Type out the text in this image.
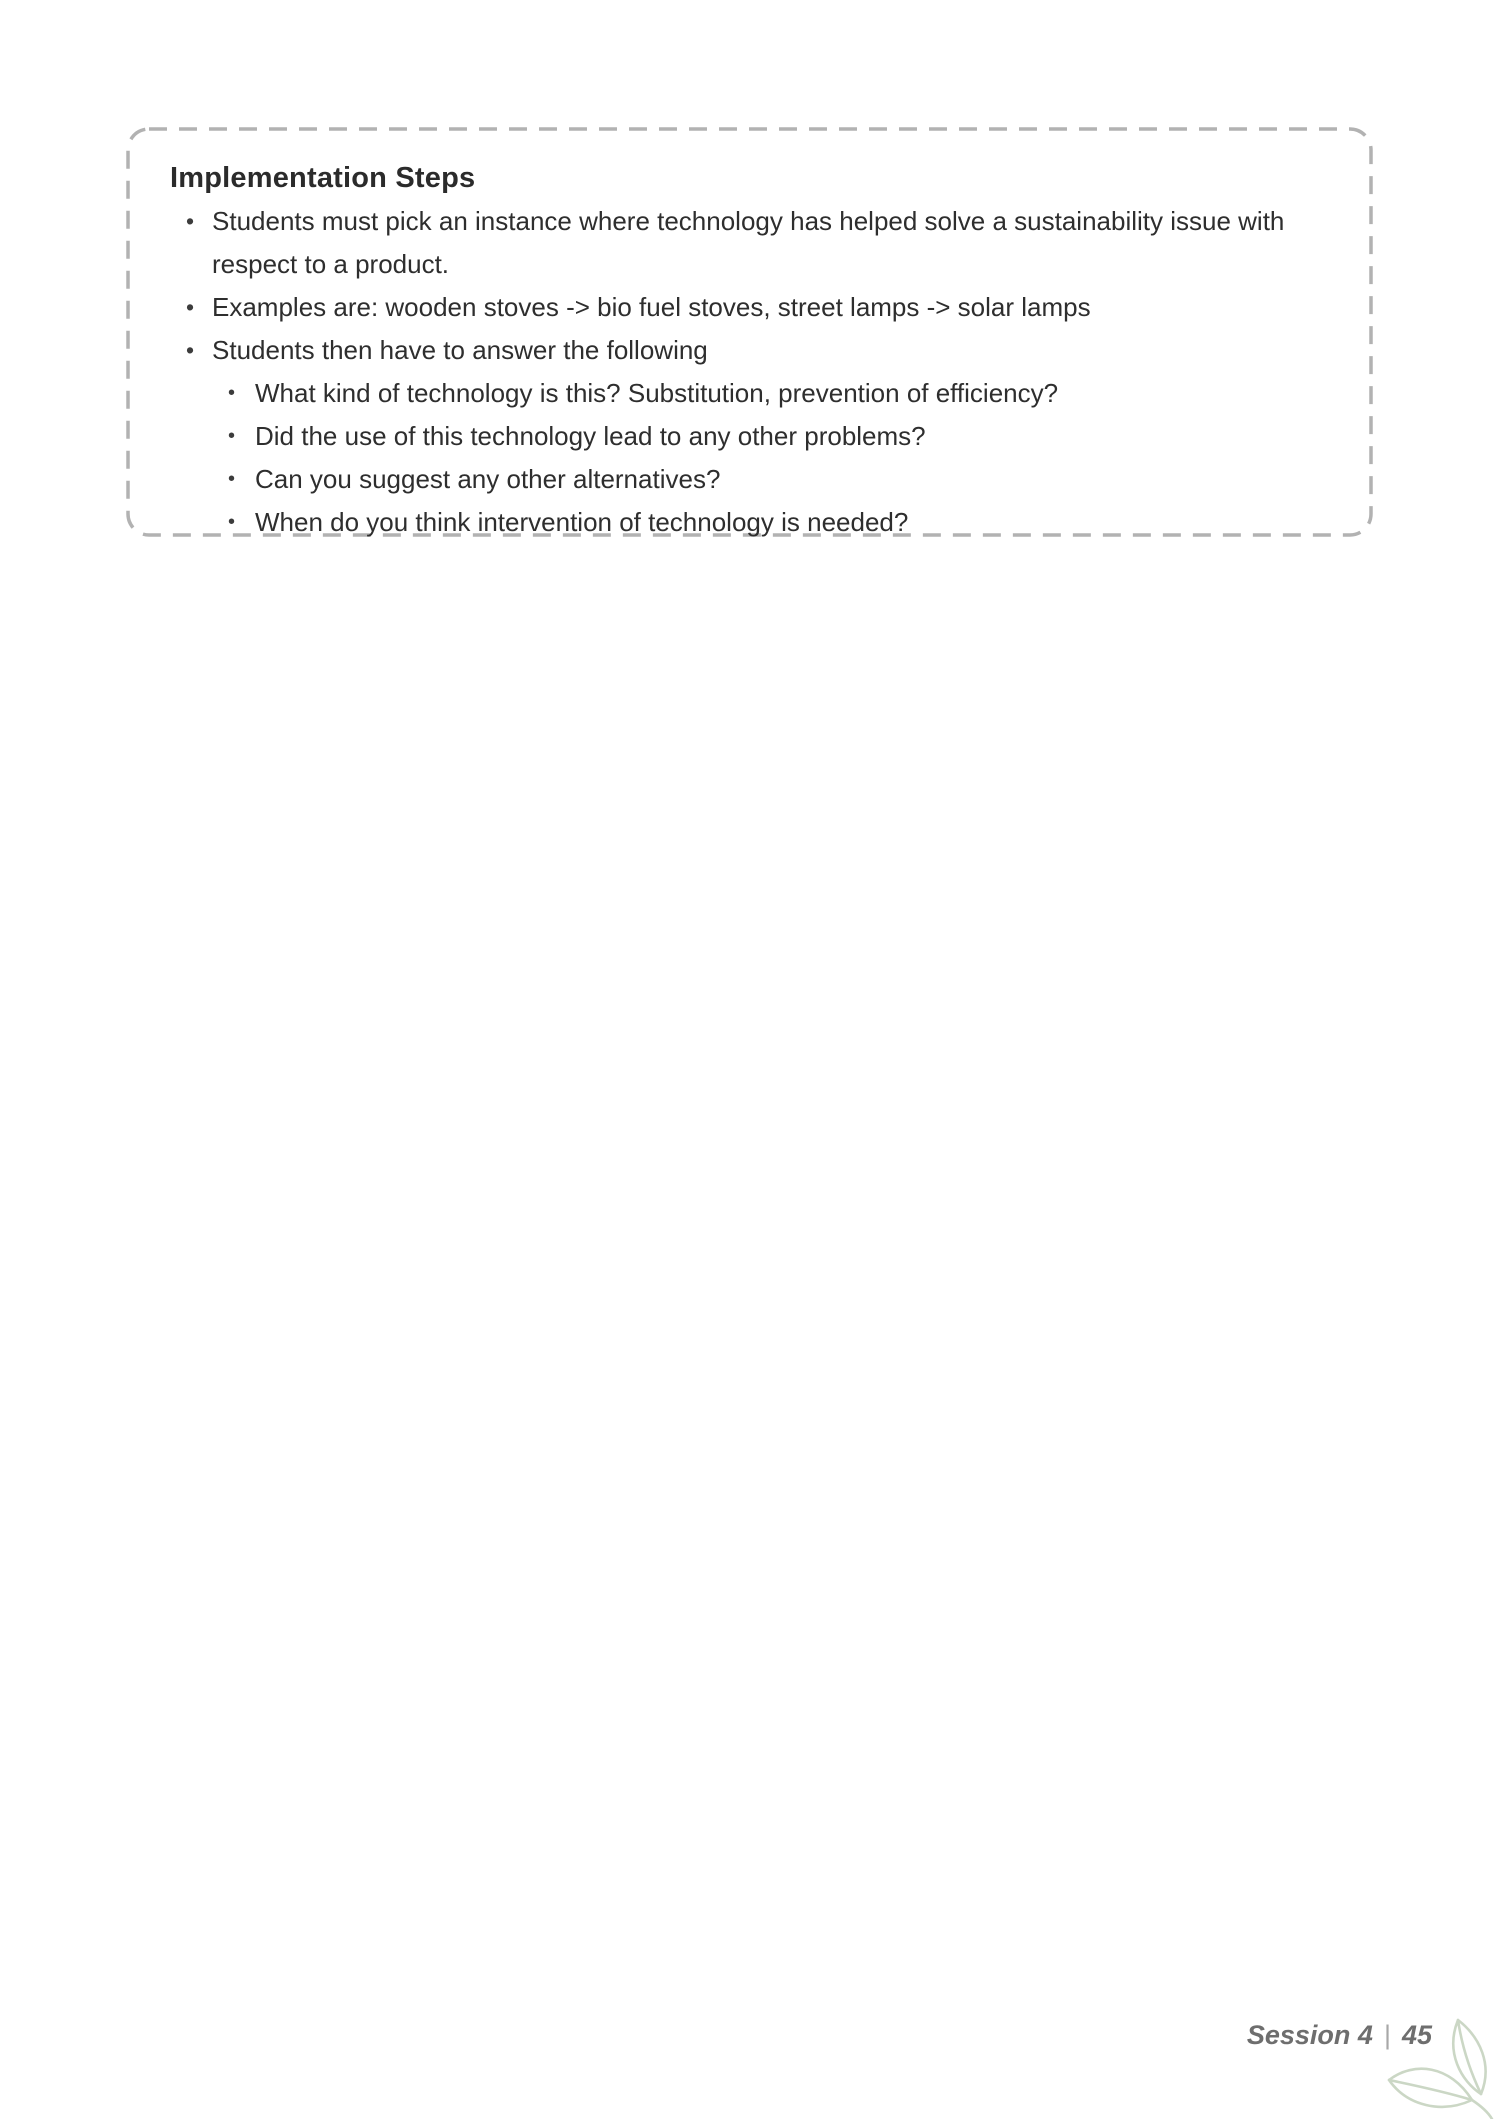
Implementation Steps
• Students must pick an instance where technology has helped solve a sustainability issue with respect to a product.
• Examples are: wooden stoves -> bio fuel stoves, street lamps -> solar lamps
• Students then have to answer the following
• What kind of technology is this? Substitution, prevention of efficiency?
• Did the use of this technology lead to any other problems?
• Can you suggest any other alternatives?
• When do you think intervention of technology is needed?
Session 4 | 45
